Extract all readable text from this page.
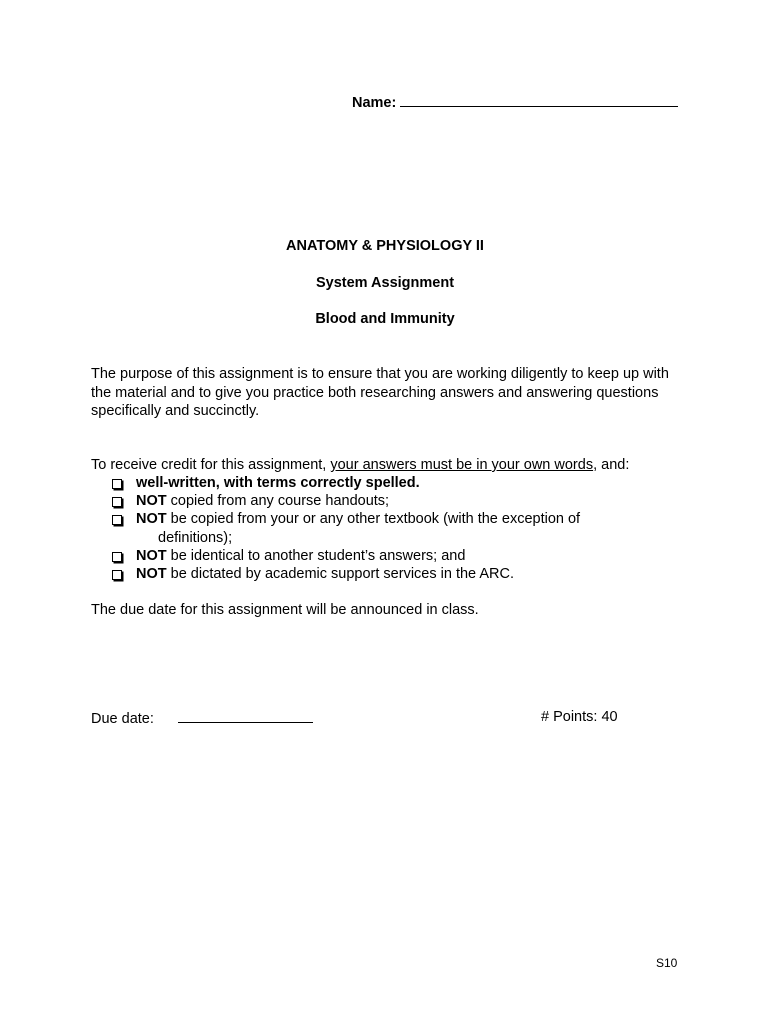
Name:
ANATOMY & PHYSIOLOGY II
System Assignment
Blood and Immunity
The purpose of this assignment is to ensure that you are working diligently to keep up with the material and to give you practice both researching answers and answering questions specifically and succinctly.
To receive credit for this assignment, your answers must be in your own words, and:
well-written, with terms correctly spelled.
NOT copied from any course handouts;
NOT be copied from your or any other textbook (with the exception of
definitions);
NOT be identical to another student’s answers; and
NOT be dictated by academic support services in the ARC.
The due date for this assignment will be announced in class.
Due date:	# Points: 40
S10
